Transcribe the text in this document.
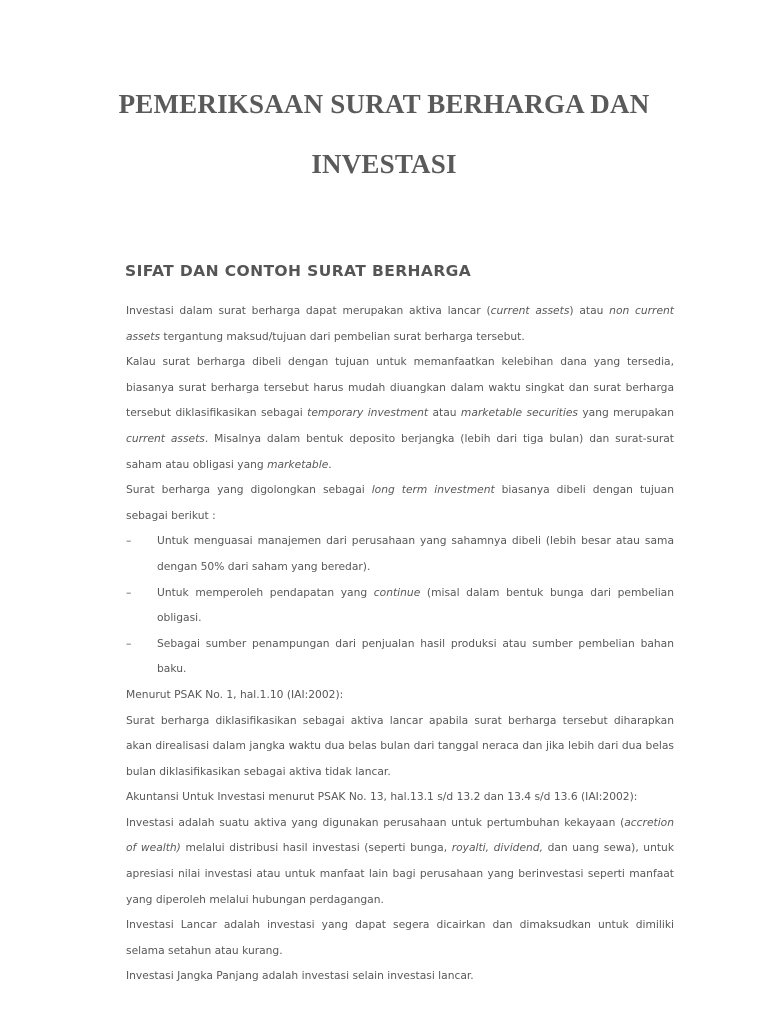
PEMERIKSAAN SURAT BERHARGA DAN
INVESTASI
SIFAT DAN CONTOH SURAT BERHARGA

Investasi dalam surat berharga dapat merupakan aktiva lancar (current assets) atau non current assets tergantung maksud/tujuan dari pembelian surat berharga tersebut.

Kalau surat berharga dibeli dengan tujuan untuk memanfaatkan kelebihan dana yang tersedia, biasanya surat berharga tersebut harus mudah diuangkan dalam waktu singkat dan surat berharga tersebut diklasifikasikan sebagai temporary investment atau marketable securities yang merupakan current assets. Misalnya dalam bentuk deposito berjangka (lebih dari tiga bulan) dan surat-surat saham atau obligasi yang marketable.

Surat berharga yang digolongkan sebagai long term investment biasanya dibeli dengan tujuan sebagai berikut :

– Untuk menguasai manajemen dari perusahaan yang sahamnya dibeli (lebih besar atau sama dengan 50% dari saham yang beredar).

– Untuk memperoleh pendapatan yang continue (misal dalam bentuk bunga dari pembelian obligasi.

– Sebagai sumber penampungan dari penjualan hasil produksi atau sumber pembelian bahan baku.

Menurut PSAK No. 1, hal.1.10 (IAI:2002):

Surat berharga diklasifikasikan sebagai aktiva lancar apabila surat berharga tersebut diharapkan akan direalisasi dalam jangka waktu dua belas bulan dari tanggal neraca dan jika lebih dari dua belas bulan diklasifikasikan sebagai aktiva tidak lancar.

Akuntansi Untuk Investasi menurut PSAK No. 13, hal.13.1 s/d 13.2 dan 13.4 s/d 13.6 (IAI:2002):

Investasi adalah suatu aktiva yang digunakan perusahaan untuk pertumbuhan kekayaan (accretion of wealth) melalui distribusi hasil investasi (seperti bunga, royalti, dividend, dan uang sewa), untuk apresiasi nilai investasi atau untuk manfaat lain bagi perusahaan yang berinvestasi seperti manfaat yang diperoleh melalui hubungan perdagangan.

Investasi Lancar adalah investasi yang dapat segera dicairkan dan dimaksudkan untuk dimiliki selama setahun atau kurang.

Investasi Jangka Panjang adalah investasi selain investasi lancar.
